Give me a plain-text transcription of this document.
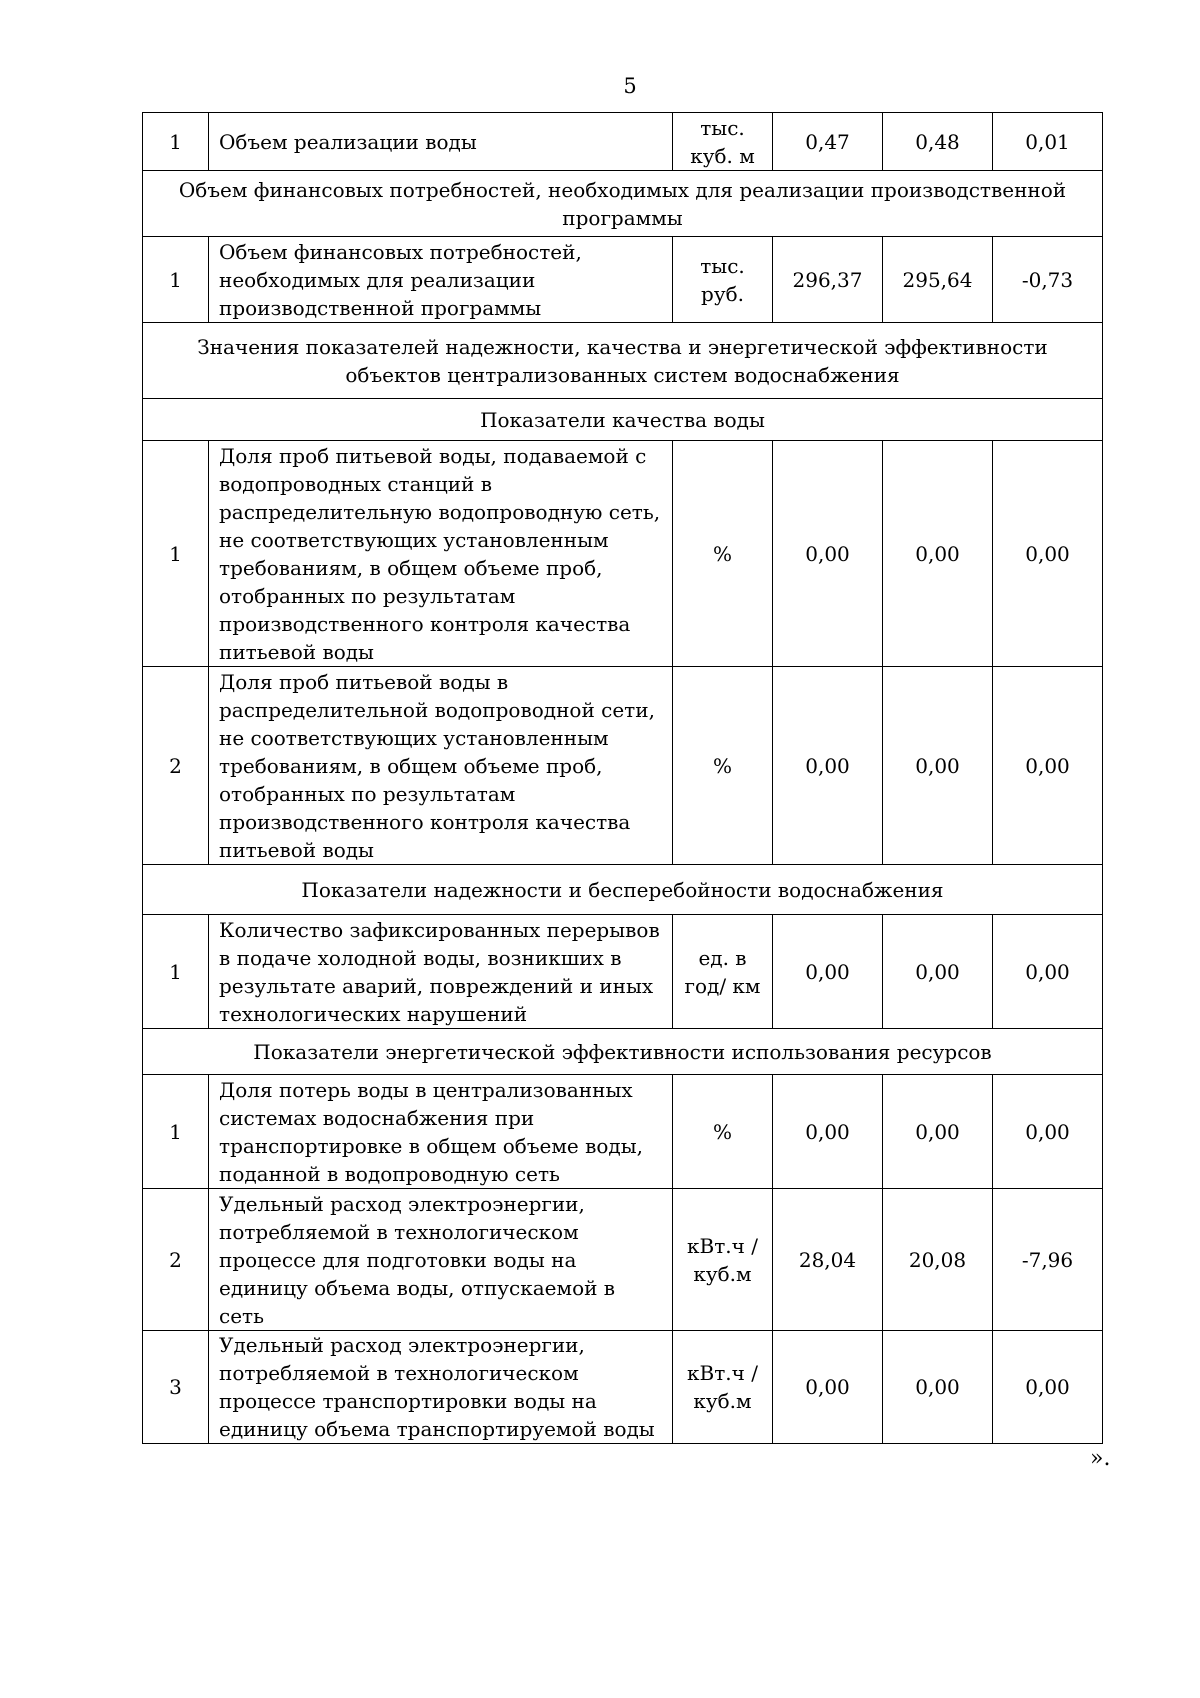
5
1	Объем реализации воды	тыс. куб. м	0,47	0,48	0,01
Объем финансовых потребностей, необходимых для реализации производственной программы					
1	Объем финансовых потребностей, необходимых для реализации производственной программы	тыс. руб.	296,37	295,64	-0,73
Значения показателей надежности, качества и энергетической эффективности объектов централизованных систем водоснабжения					
Показатели качества воды					
1	Доля проб питьевой воды, подаваемой с водопроводных станций в распределительную водопроводную сеть, не соответствующих установленным требованиям, в общем объеме проб, отобранных по результатам производственного контроля качества питьевой воды	%	0,00	0,00	0,00
2	Доля проб питьевой воды в распределительной водопроводной сети, не соответствующих установленным требованиям, в общем объеме проб, отобранных по результатам производственного контроля качества питьевой воды	%	0,00	0,00	0,00
Показатели надежности и бесперебойности водоснабжения					
1	Количество зафиксированных перерывов в подаче холодной воды, возникших в результате аварий, повреждений и иных технологических нарушений	ед. в год/ км	0,00	0,00	0,00
Показатели энергетической эффективности использования ресурсов					
1	Доля потерь воды в централизованных системах водоснабжения при транспортировке в общем объеме воды, поданной в водопроводную сеть	%	0,00	0,00	0,00
2	Удельный расход электроэнергии, потребляемой в технологическом процессе для подготовки воды на единицу объема воды, отпускаемой в сеть	кВт.ч / куб.м	28,04	20,08	-7,96
3	Удельный расход электроэнергии, потребляемой в технологическом процессе транспортировки воды на единицу объема транспортируемой воды	кВт.ч / куб.м	0,00	0,00	0,00
».
